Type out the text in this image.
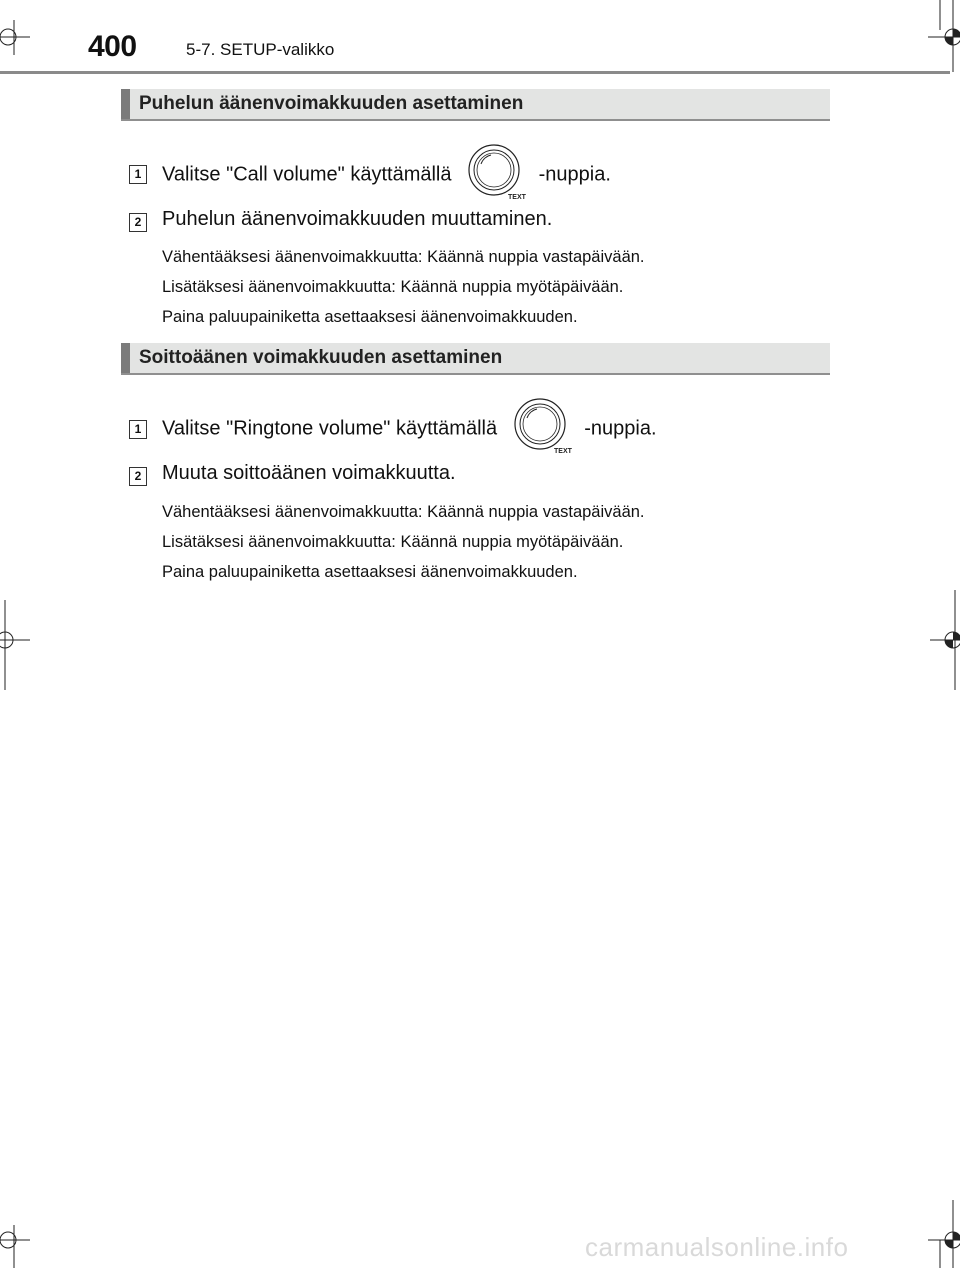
400	5-7. SETUP-valikko
Puhelun äänenvoimakkuuden asettaminen
1 Valitse "Call volume" käyttämällä
TEXT
-nuppia.
2 Puhelun äänenvoimakkuuden muuttaminen.
Vähentääksesi äänenvoimakkuutta: Käännä nuppia vastapäivään.
Lisätäksesi äänenvoimakkuutta: Käännä nuppia myötäpäivään.
Paina paluupainiketta asettaaksesi äänenvoimakkuuden.
Soittoäänen voimakkuuden asettaminen
1 Valitse "Ringtone volume" käyttämällä
TEXT
-nuppia.
2 Muuta soittoäänen voimakkuutta.
Vähentääksesi äänenvoimakkuutta: Käännä nuppia vastapäivään.
Lisätäksesi äänenvoimakkuutta: Käännä nuppia myötäpäivään.
Paina paluupainiketta asettaaksesi äänenvoimakkuuden.
carmanualsonline.info
